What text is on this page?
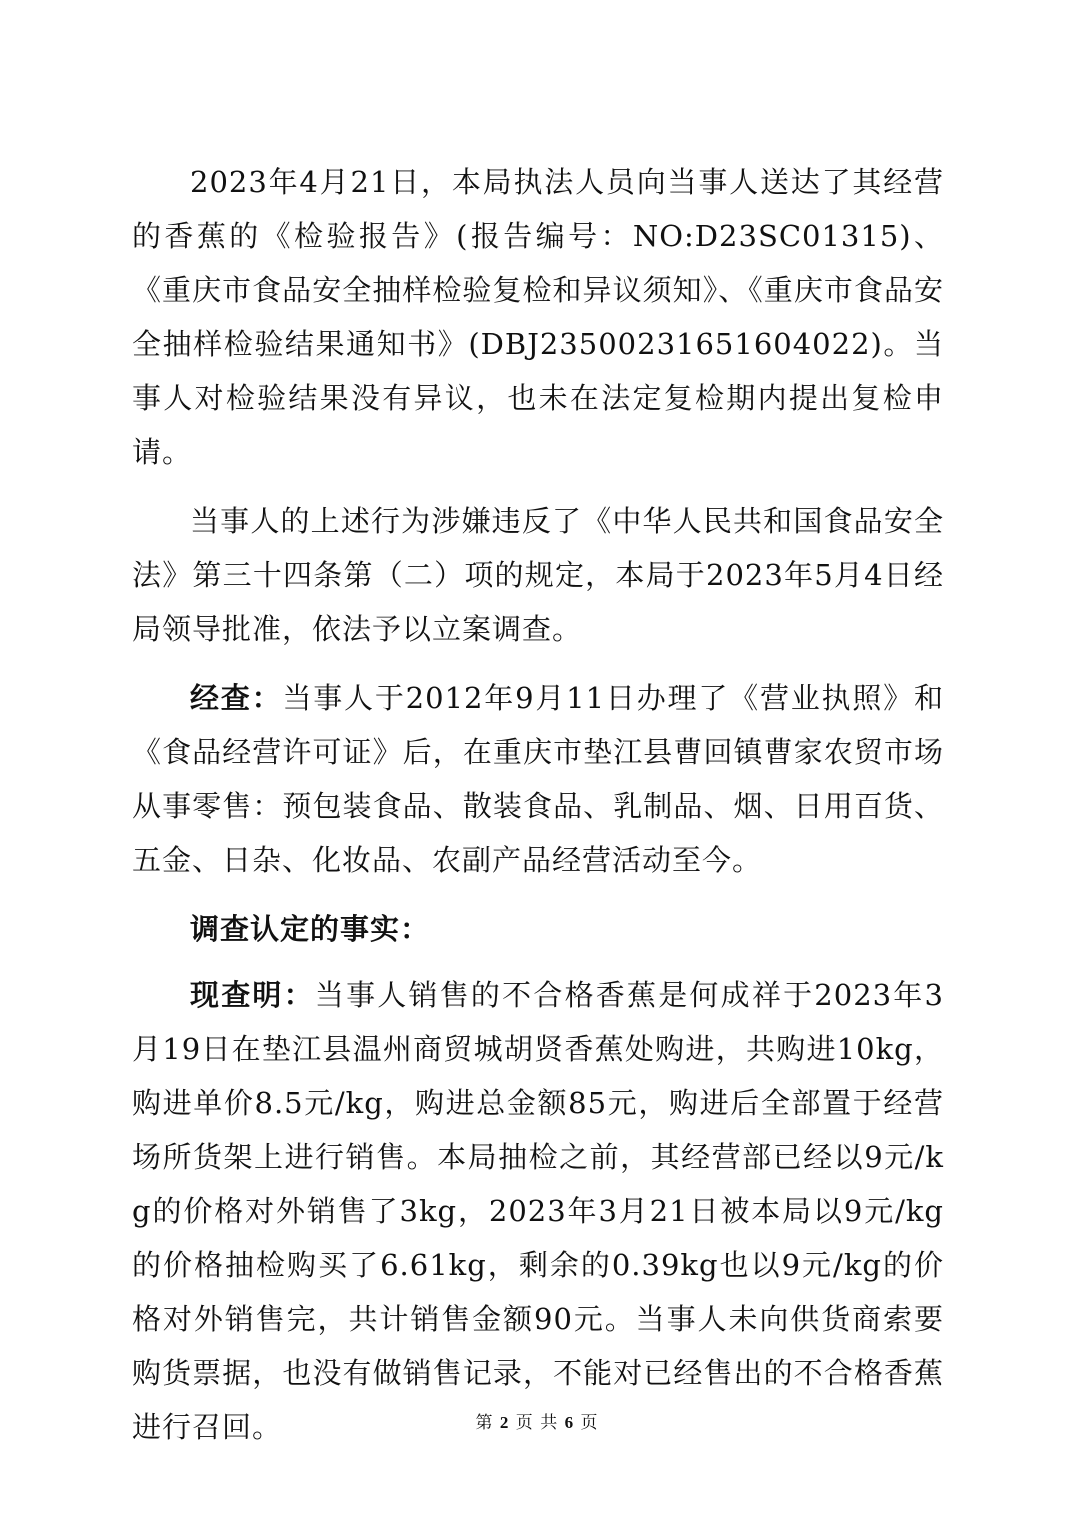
2023年4月21日，本局执法人员向当事人送达了其经营的香蕉的《检验报告》(报告编号：NO:D23SC01315)、《重庆市食品安全抽样检验复检和异议须知》、《重庆市食品安全抽样检验结果通知书》(DBJ23500231651604022)。当事人对检验结果没有异议，也未在法定复检期内提出复检申请。

当事人的上述行为涉嫌违反了《中华人民共和国食品安全法》第三十四条第（二）项的规定，本局于2023年5月4日经局领导批准，依法予以立案调查。

经查：当事人于2012年9月11日办理了《营业执照》和《食品经营许可证》后，在重庆市垫江县曹回镇曹家农贸市场从事零售：预包装食品、散装食品、乳制品、烟、日用百货、五金、日杂、化妆品、农副产品经营活动至今。

调查认定的事实：

现查明：当事人销售的不合格香蕉是何成祥于2023年3月19日在垫江县温州商贸城胡贤香蕉处购进，共购进10kg，购进单价8.5元/kg，购进总金额85元，购进后全部置于经营场所货架上进行销售。本局抽检之前，其经营部已经以9元/kg的价格对外销售了3kg，2023年3月21日被本局以9元/kg的价格抽检购买了6.61kg，剩余的0.39kg也以9元/kg的价格对外销售完，共计销售金额90元。当事人未向供货商索要购货票据，也没有做销售记录，不能对已经售出的不合格香蕉进行召回。	第 2 页 共 6 页
